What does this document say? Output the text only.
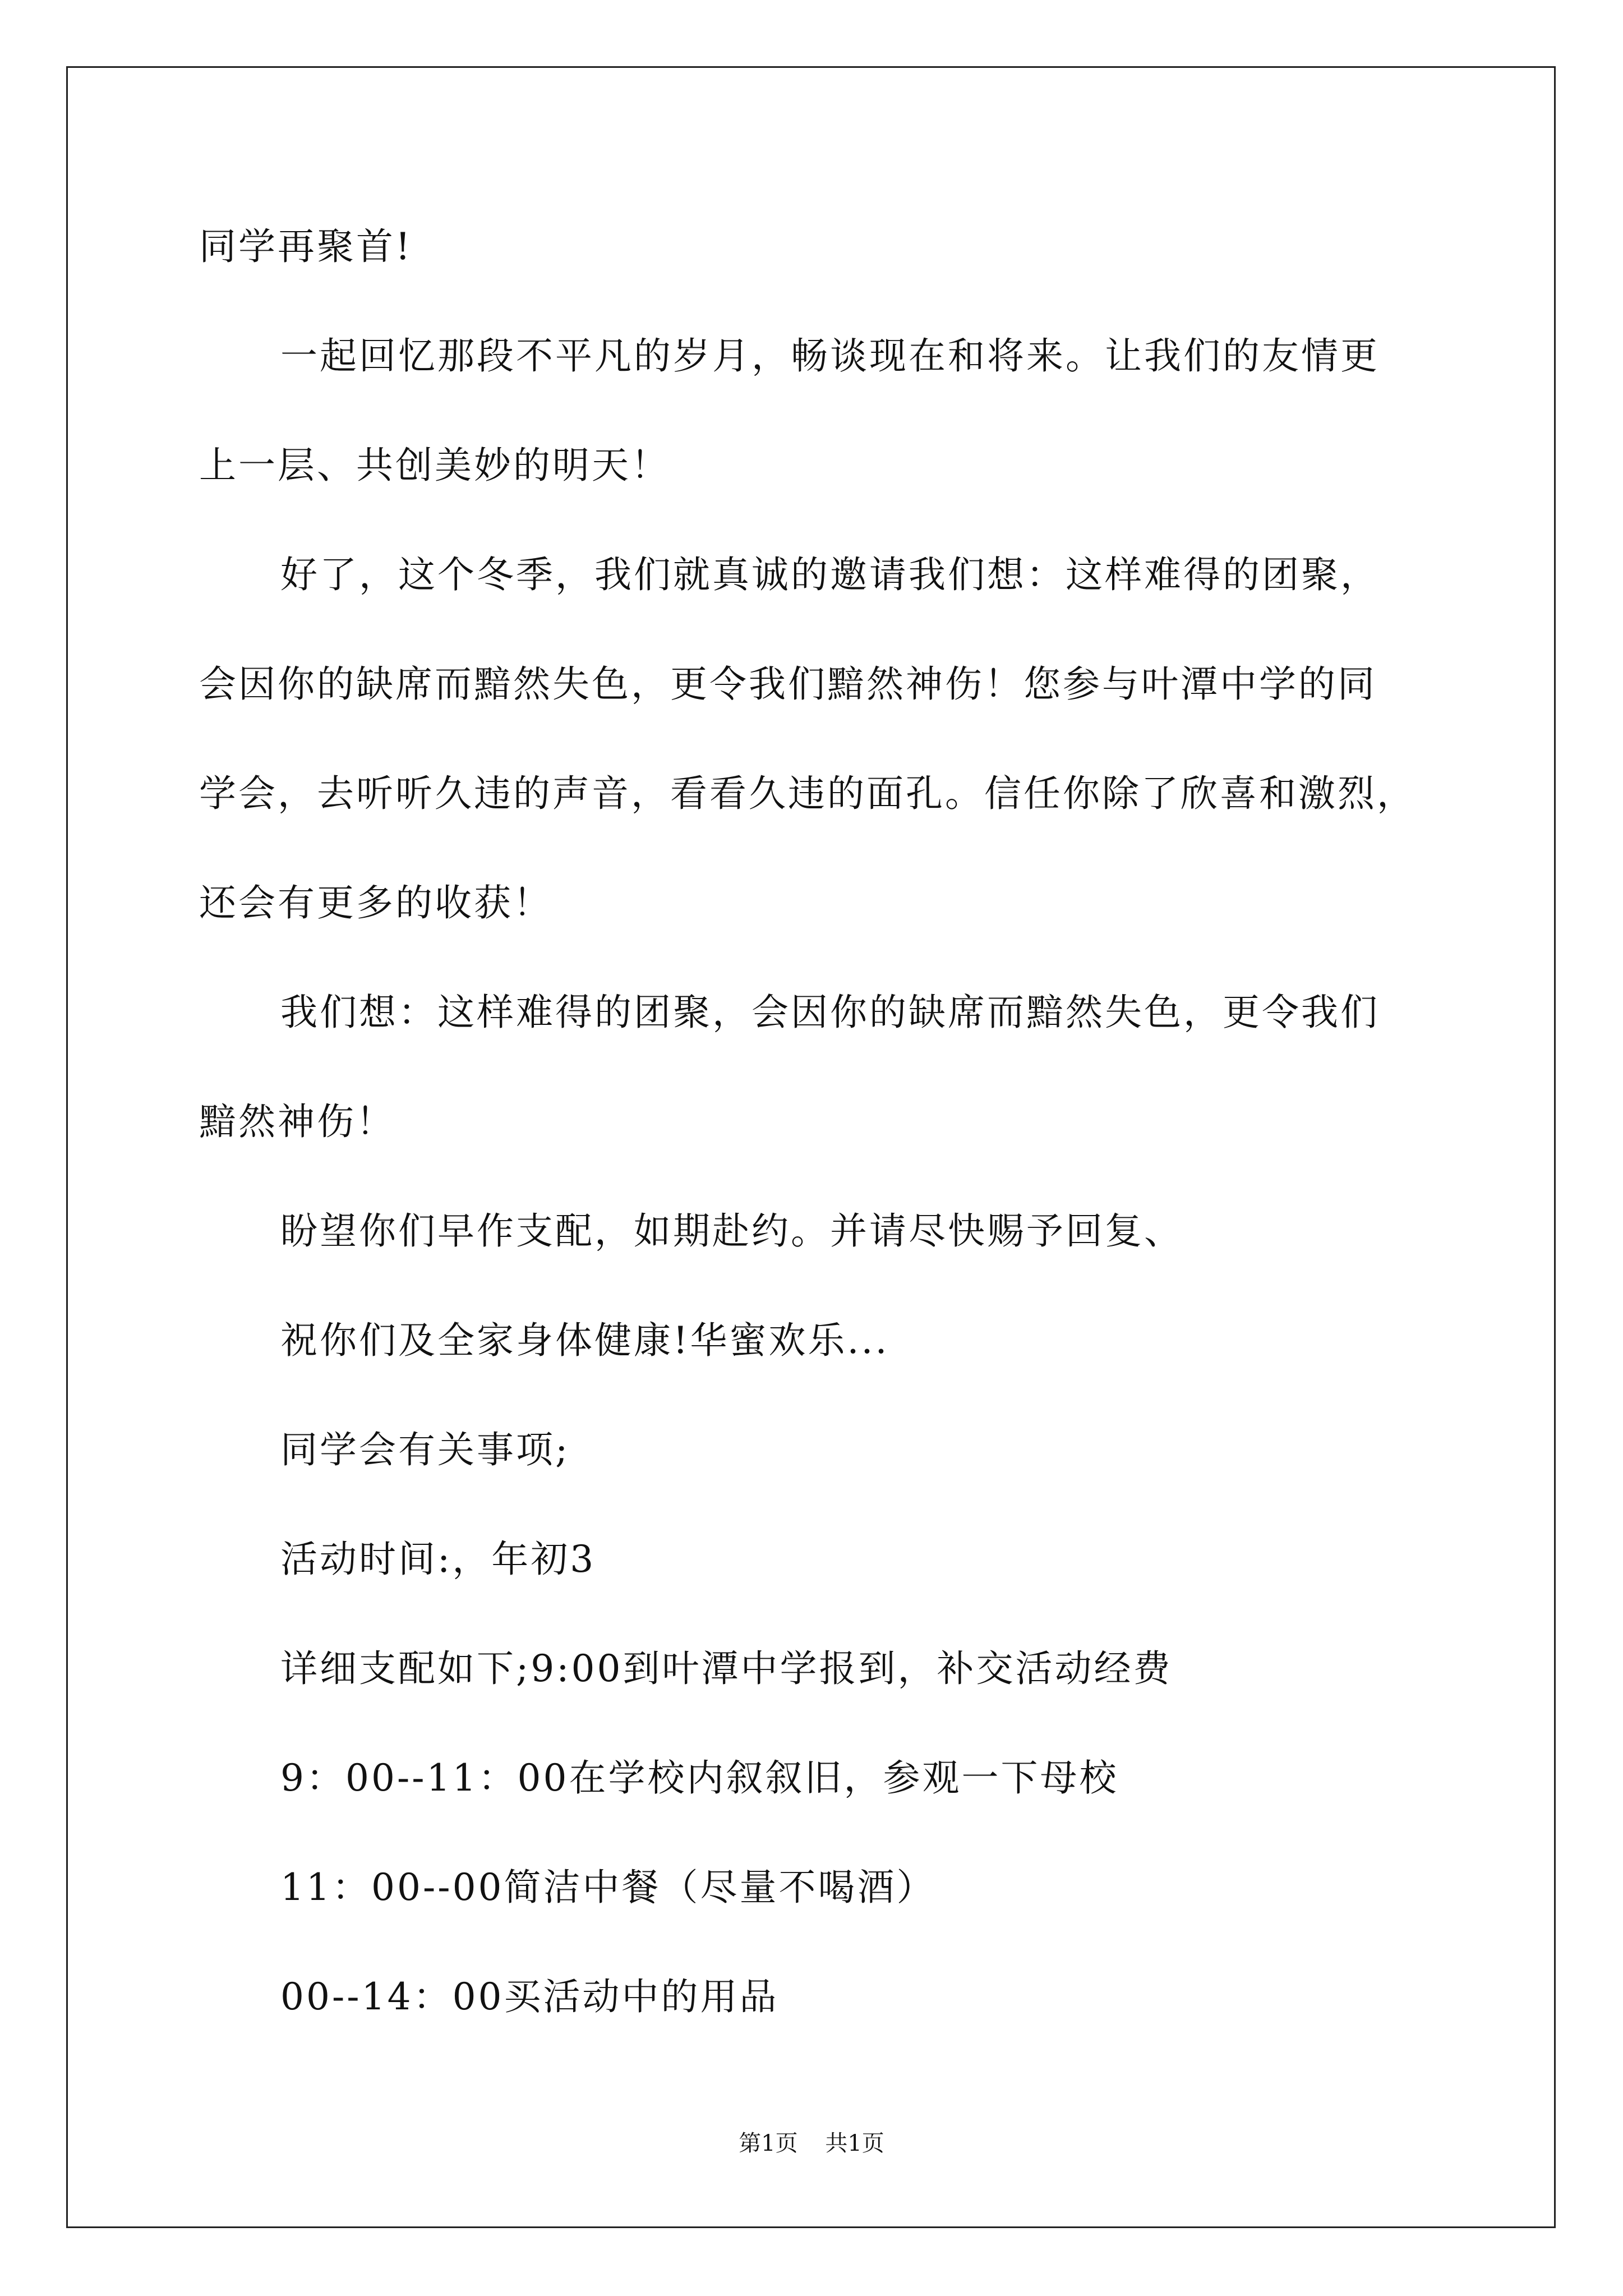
同学再聚首!
一起回忆那段不平凡的岁月，畅谈现在和将来。让我们的友情更
上一层、共创美妙的明天！
好了，这个冬季，我们就真诚的邀请我们想：这样难得的团聚，
会因你的缺席而黯然失色，更令我们黯然神伤！您参与叶潭中学的同
学会，去听听久违的声音，看看久违的面孔。信任你除了欣喜和激烈，
还会有更多的收获！
我们想：这样难得的团聚，会因你的缺席而黯然失色，更令我们
黯然神伤！
盼望你们早作支配，如期赴约。并请尽快赐予回复、
祝你们及全家身体健康!华蜜欢乐...
同学会有关事项;
活动时间:，年初3
详细支配如下;9:00到叶潭中学报到，补交活动经费
9：00--11：00在学校内叙叙旧，参观一下母校
11：00--00简洁中餐（尽量不喝酒）
00--14：00买活动中的用品
第1页 共1页
